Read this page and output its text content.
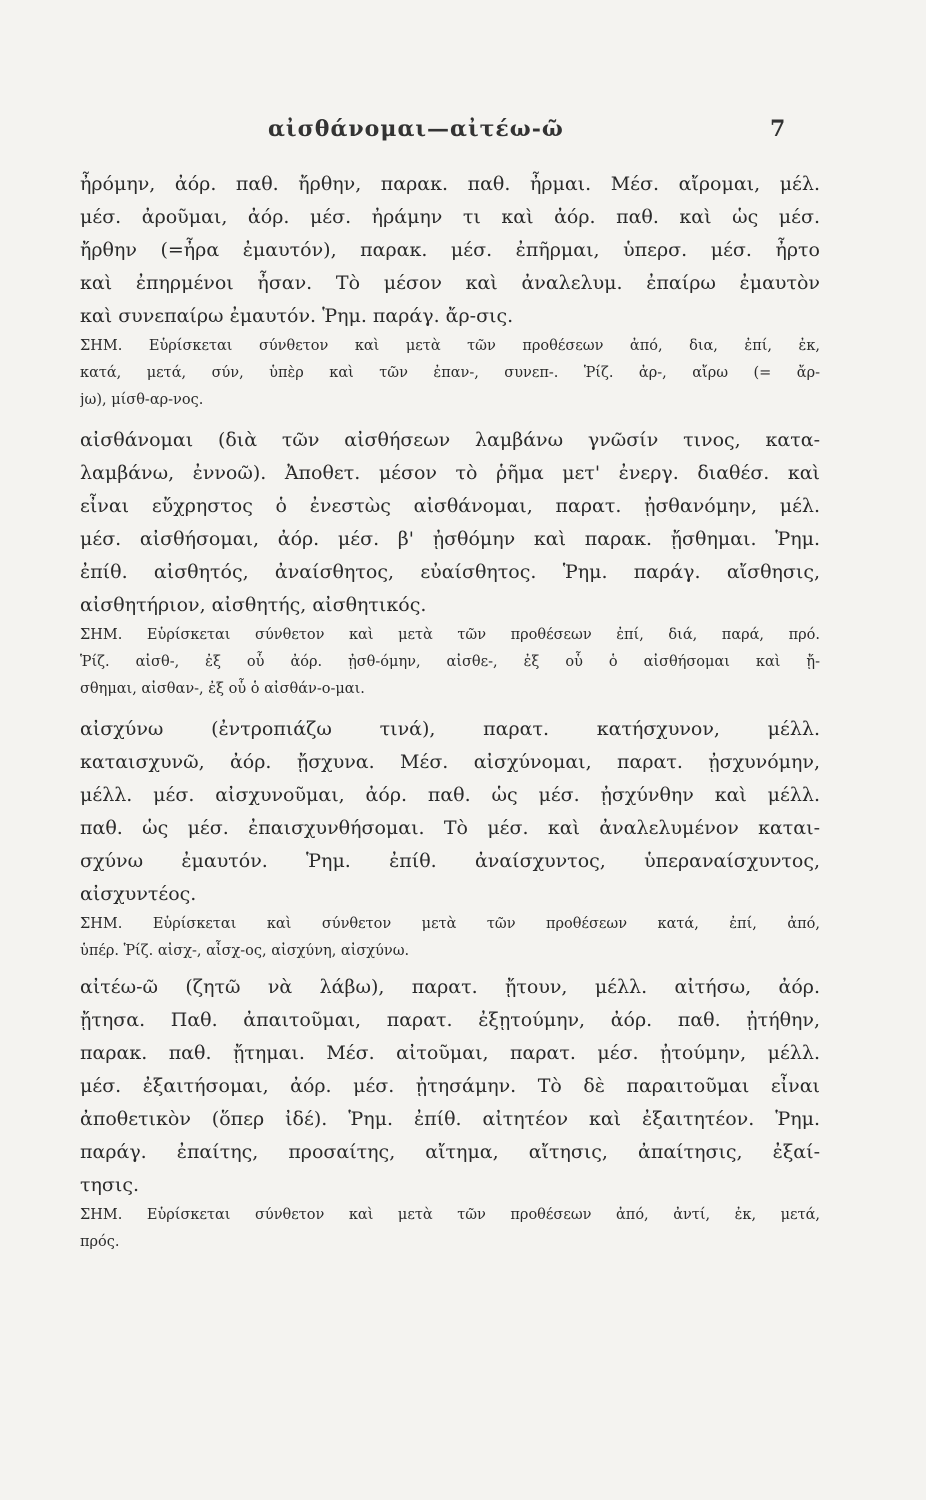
αἰσθάνομαι—αἰτέω-ῶ	7
ἦρόμην, ἀόρ. παθ. ἤρθην, παρακ. παθ. ἦρμαι. Μέσ. αἴρομαι, μέλ.
μέσ. ἀροῦμαι, ἀόρ. μέσ. ἠράμην τι καὶ ἀόρ. παθ. καὶ ὡς μέσ.
ἤρθην (=ἦρα ἐμαυτόν), παρακ. μέσ. ἐπῆρμαι, ὑπερσ. μέσ. ἦρτο
καὶ ἐπηρμένοι ἦσαν. Τὸ μέσον καὶ ἀναλελυμ. ἐπαίρω ἐμαυτὸν
καὶ συνεπαίρω ἐμαυτόν. Ῥημ. παράγ. ἄρ-σις.
ΣΗΜ. Εὑρίσκεται σύνθετον καὶ μετὰ τῶν προθέσεων ἀπό, δια, ἐπί, ἐκ,
κατά, μετά, σύν, ὑπὲρ καὶ τῶν ἐπαν-, συνεπ-. Ῥίζ. ἀρ-, αἴρω (= ἄρ-
jω), μίσθ-αρ-νος.
αἰσθάνομαι (διὰ τῶν αἰσθήσεων λαμβάνω γνῶσίν τινος, κατα-
λαμβάνω, ἐννοῶ). Ἀποθετ. μέσον τὸ ῥῆμα μετ' ἐνεργ. διαθέσ. καὶ
εἶναι εὔχρηστος ὁ ἐνεστὼς αἰσθάνομαι, παρατ. ᾐσθανόμην, μέλ.
μέσ. αἰσθήσομαι, ἀόρ. μέσ. β' ᾐσθόμην καὶ παρακ. ᾔσθημαι. Ῥημ.
ἐπίθ. αἰσθητός, ἀναίσθητος, εὐαίσθητος. Ῥημ. παράγ. αἴσθησις,
αἰσθητήριον, αἰσθητής, αἰσθητικός.
ΣΗΜ. Εὑρίσκεται σύνθετον καὶ μετὰ τῶν προθέσεων ἐπί, διά, παρά, πρό.
Ῥίζ. αἰσθ-, ἐξ οὗ ἀόρ. ᾐσθ-όμην, αἰσθε-, ἐξ οὗ ὁ αἰσθήσομαι καὶ ᾔ-
σθημαι, αἰσθαν-, ἐξ οὗ ὁ αἰσθάν-ο-μαι.
αἰσχύνω (ἐντροπιάζω τινά), παρατ. κατήσχυνον, μέλλ.
καταισχυνῶ, ἀόρ. ᾔσχυνα. Μέσ. αἰσχύνομαι, παρατ. ᾐσχυνόμην,
μέλλ. μέσ. αἰσχυνοῦμαι, ἀόρ. παθ. ὡς μέσ. ᾐσχύνθην καὶ μέλλ.
παθ. ὡς μέσ. ἐπαισχυνθήσομαι. Τὸ μέσ. καὶ ἀναλελυμένον καται-
σχύνω ἐμαυτόν. Ῥημ. ἐπίθ. ἀναίσχυντος, ὑπεραναίσχυντος,
αἰσχυντέος.
ΣΗΜ. Εὑρίσκεται καὶ σύνθετον μετὰ τῶν προθέσεων κατά, ἐπί, ἀπό,
ὑπέρ. Ῥίζ. αἰσχ-, αἶσχ-ος, αἰσχύνη, αἰσχύνω.
αἰτέω-ῶ (ζητῶ νὰ λάβω), παρατ. ᾔτουν, μέλλ. αἰτήσω, ἀόρ.
ᾔτησα. Παθ. ἀπαιτοῦμαι, παρατ. ἐξῃτούμην, ἀόρ. παθ. ᾐτήθην,
παρακ. παθ. ᾔτημαι. Μέσ. αἰτοῦμαι, παρατ. μέσ. ᾐτούμην, μέλλ.
μέσ. ἐξαιτήσομαι, ἀόρ. μέσ. ᾐτησάμην. Τὸ δὲ παραιτοῦμαι εἶναι
ἀποθετικὸν (ὅπερ ἰδέ). Ῥημ. ἐπίθ. αἰτητέον καὶ ἐξαιτητέον. Ῥημ.
παράγ. ἐπαίτης, προσαίτης, αἴτημα, αἴτησις, ἀπαίτησις, ἐξαί-
τησις.
ΣΗΜ. Εὑρίσκεται σύνθετον καὶ μετὰ τῶν προθέσεων ἀπό, ἀντί, ἐκ, μετά,
πρός.
